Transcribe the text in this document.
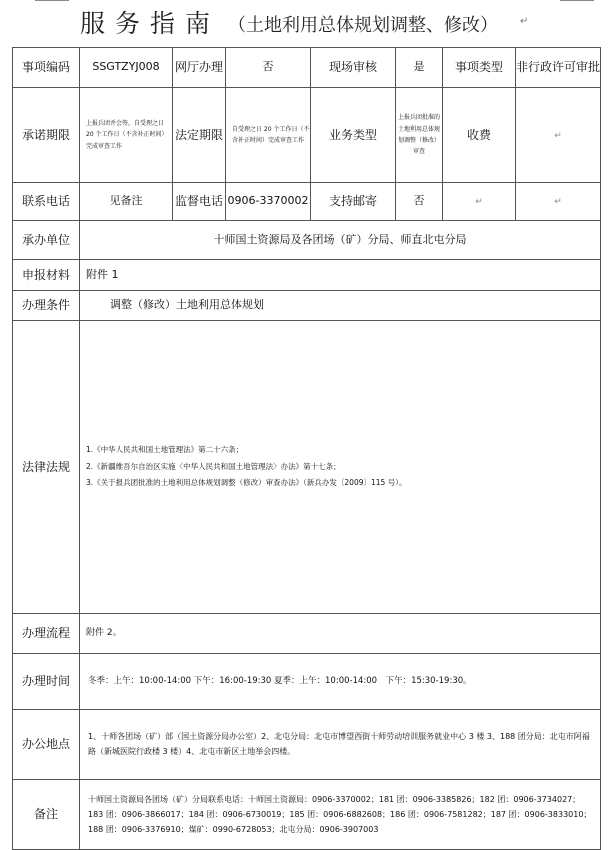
服务指南 （土地利用总体规划调整、修改） ↵
事项编码	SSGTZYJ008	网厅办理	否	现场审核	是	事项类型	非行政许可审批
承诺期限	上报兵团并会签，自受理之日 20 个工作日（不含补正时间）完成审查工作	法定期限	自受理之日 20 个工作日（不含补正时间）完成审查工作	业务类型	上报兵团批准的土地利用总体规划调整（修改）审查	收费	↵
联系电话	见备注	监督电话	0906-3370002	支持邮寄	否	↵	↵
承办单位	十师国土资源局及各团场（矿）分局、师直北屯分局						
申报材料	附件 1						
办理条件	调整（修改）土地利用总体规划						
法律法规	1.《中华人民共和国土地管理法》第二十六条；
2.《新疆维吾尔自治区实施〈中华人民共和国土地管理法〉办法》第十七条；
3.《关于报兵团批准的土地利用总体规划调整（修改）审查办法》（新兵办发〔2009〕115 号）。						

办理流程	附件 2。						
办理时间	冬季：上午：10:00-14:00 下午：16:00-19:30 夏季：上午：10:00-14:00　下午：15:30-19:30。						
办公地点	1、十师各团场（矿）部（国土资源分局办公室）2、北屯分局：北屯市博望西街十师劳动培训服务就业中心 3 楼 3、188 团分局：北屯市阿福路（新城医院行政楼 3 楼）4、北屯市新区土地举会四楼。						
备注	十师国土资源局各团场（矿）分局联系电话：十师国土资源局：0906-3370002；181 团：0906-3385826；182 团：0906-3734027；183 团：0906-3866017；184 团：0906-6730019；185 团：0906-6882608；186 团：0906-7581282；187 团：0906-3833010；188 团：0906-3376910；煤矿：0990-6728053；北屯分局：0906-3907003						
